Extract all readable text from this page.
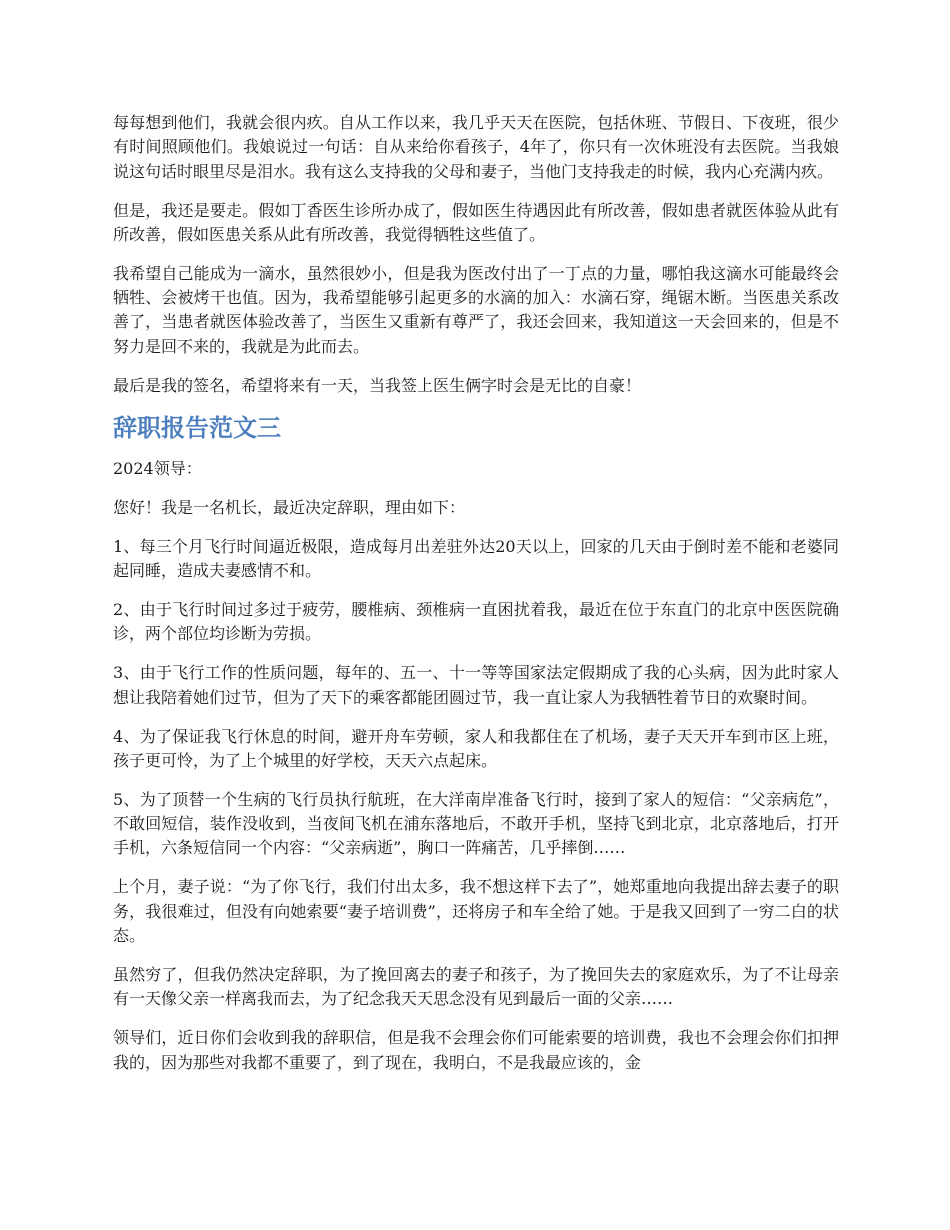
每每想到他们，我就会很内疚。自从工作以来，我几乎天天在医院，包括休班、节假日、下夜班，很少有时间照顾他们。我娘说过一句话：自从来给你看孩子，4年了，你只有一次休班没有去医院。当我娘说这句话时眼里尽是泪水。我有这么支持我的父母和妻子，当他门支持我走的时候，我内心充满内疚。

但是，我还是要走。假如丁香医生诊所办成了，假如医生待遇因此有所改善，假如患者就医体验从此有所改善，假如医患关系从此有所改善，我觉得牺牲这些值了。

我希望自己能成为一滴水，虽然很妙小，但是我为医改付出了一丁点的力量，哪怕我这滴水可能最终会牺牲、会被烤干也值。因为，我希望能够引起更多的水滴的加入：水滴石穿，绳锯木断。当医患关系改善了，当患者就医体验改善了，当医生又重新有尊严了，我还会回来，我知道这一天会回来的，但是不努力是回不来的，我就是为此而去。

最后是我的签名，希望将来有一天，当我签上医生俩字时会是无比的自豪！

辞职报告范文三

2024领导：

您好！我是一名机长，最近决定辞职，理由如下：

1、每三个月飞行时间逼近极限，造成每月出差驻外达20天以上，回家的几天由于倒时差不能和老婆同起同睡，造成夫妻感情不和。

2、由于飞行时间过多过于疲劳，腰椎病、颈椎病一直困扰着我，最近在位于东直门的北京中医医院确诊，两个部位均诊断为劳损。

3、由于飞行工作的性质问题，每年的、五一、十一等等国家法定假期成了我的心头病，因为此时家人想让我陪着她们过节，但为了天下的乘客都能团圆过节，我一直让家人为我牺牲着节日的欢聚时间。

4、为了保证我飞行休息的时间，避开舟车劳顿，家人和我都住在了机场，妻子天天开车到市区上班，孩子更可怜，为了上个城里的好学校，天天六点起床。

5、为了顶替一个生病的飞行员执行航班，在大洋南岸准备飞行时，接到了家人的短信：“父亲病危”，不敢回短信，装作没收到，当夜间飞机在浦东落地后，不敢开手机，坚持飞到北京，北京落地后，打开手机，六条短信同一个内容：“父亲病逝”，胸口一阵痛苦，几乎摔倒……

上个月，妻子说：“为了你飞行，我们付出太多，我不想这样下去了”，她郑重地向我提出辞去妻子的职务，我很难过，但没有向她索要“妻子培训费”，还将房子和车全给了她。于是我又回到了一穷二白的状态。

虽然穷了，但我仍然决定辞职，为了挽回离去的妻子和孩子，为了挽回失去的家庭欢乐，为了不让母亲有一天像父亲一样离我而去，为了纪念我天天思念没有见到最后一面的父亲……

领导们，近日你们会收到我的辞职信，但是我不会理会你们可能索要的培训费，我也不会理会你们扣押我的，因为那些对我都不重要了，到了现在，我明白，不是我最应该的，金
